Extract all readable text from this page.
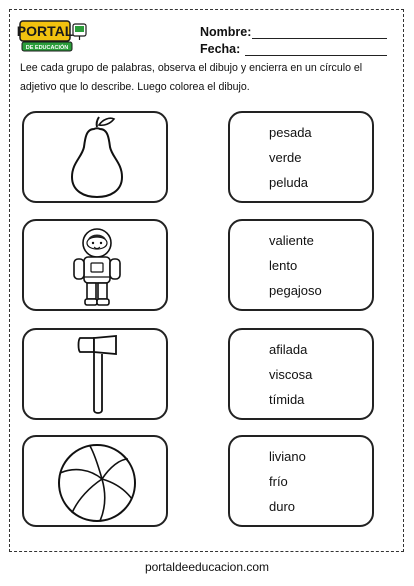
PORTAL
DE EDUCACIÓN
Nombre:
Fecha:
Lee cada grupo de palabras, observa el dibujo y encierra en un círculo el adjetivo que lo describe. Luego colorea el dibujo.
pesada
verde
peluda
valiente
lento
pegajoso
afilada
viscosa
tímida
liviano
frío
duro
portaldeeducacion.com
